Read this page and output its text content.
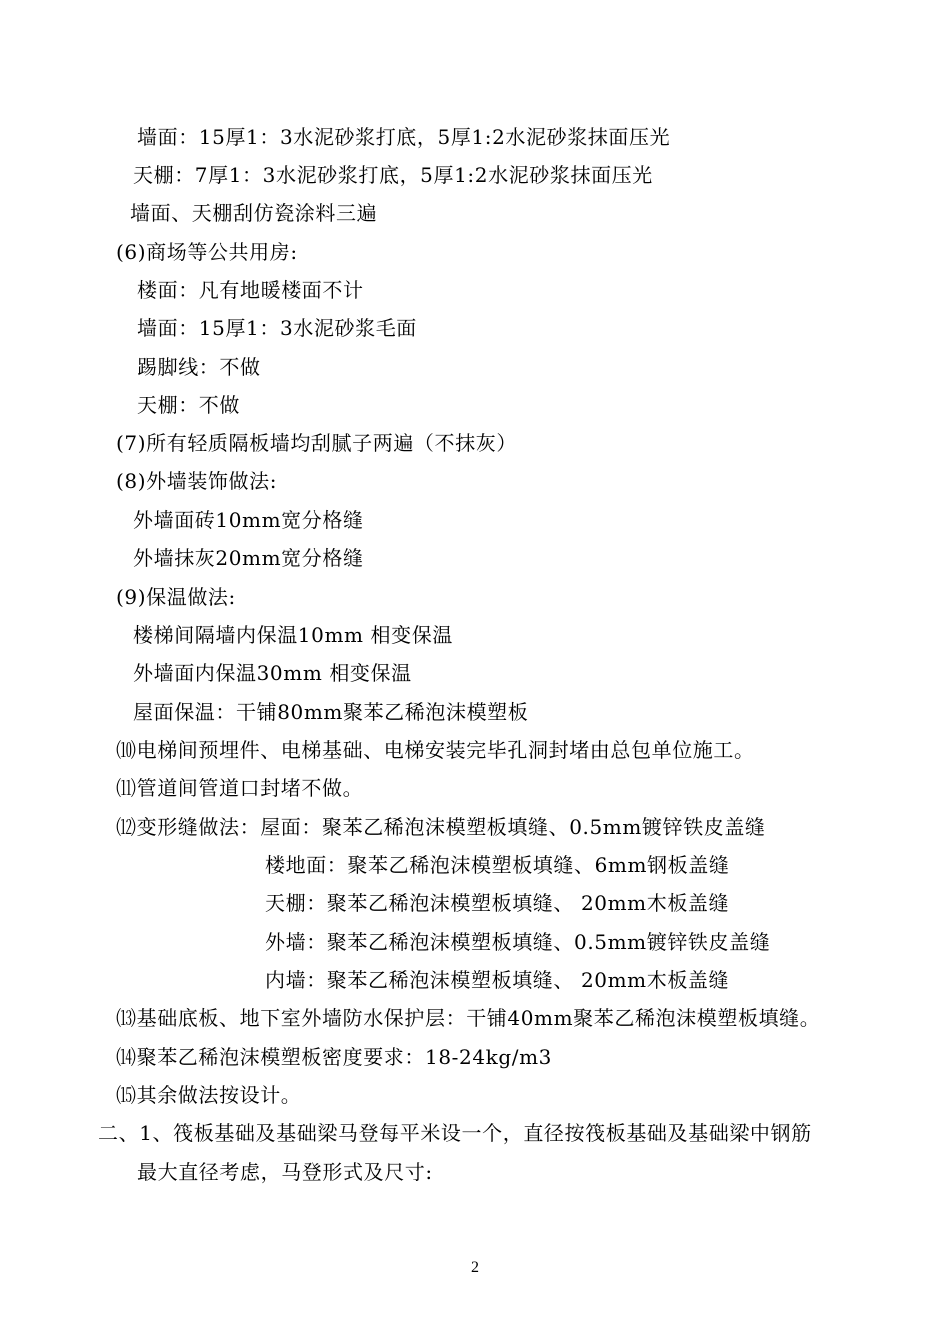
墙面：15厚1：3水泥砂浆打底，5厚1:2水泥砂浆抹面压光
天棚：7厚1：3水泥砂浆打底，5厚1:2水泥砂浆抹面压光
墙面、天棚刮仿瓷涂料三遍
(6)商场等公共用房:
楼面：凡有地暖楼面不计
墙面：15厚1：3水泥砂浆毛面
踢脚线：不做
天棚：不做
(7)所有轻质隔板墙均刮腻子两遍（不抹灰）
(8)外墙装饰做法:
外墙面砖10mm宽分格缝
外墙抹灰20mm宽分格缝
(9)保温做法:
楼梯间隔墙内保温10mm 相变保温
外墙面内保温30mm 相变保温
屋面保温：干铺80mm聚苯乙稀泡沫模塑板
⑽电梯间预埋件、电梯基础、电梯安装完毕孔洞封堵由总包单位施工。
⑾管道间管道口封堵不做。
⑿变形缝做法：屋面：聚苯乙稀泡沫模塑板填缝、0.5mm镀锌铁皮盖缝
楼地面：聚苯乙稀泡沫模塑板填缝、6mm钢板盖缝
天棚：聚苯乙稀泡沫模塑板填缝、 20mm木板盖缝
外墙：聚苯乙稀泡沫模塑板填缝、0.5mm镀锌铁皮盖缝
内墙：聚苯乙稀泡沫模塑板填缝、 20mm木板盖缝
⒀基础底板、地下室外墙防水保护层：干铺40mm聚苯乙稀泡沫模塑板填缝。
⒁聚苯乙稀泡沫模塑板密度要求：18-24kg/m3
⒂其余做法按设计。
二、1、筏板基础及基础梁马登每平米设一个，直径按筏板基础及基础梁中钢筋
最大直径考虑，马登形式及尺寸:
2
